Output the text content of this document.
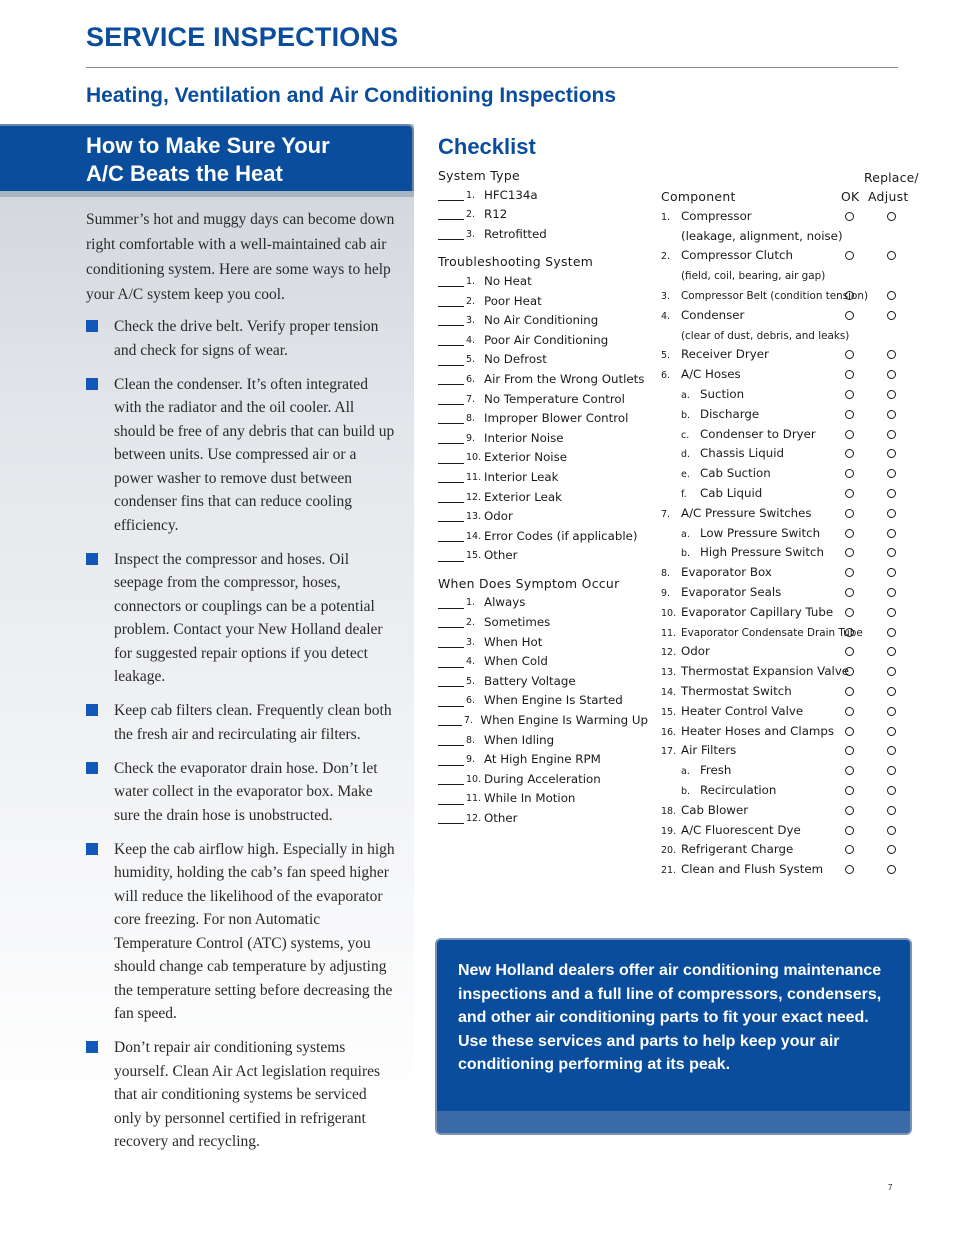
SERVICE INSPECTIONS
Heating, Ventilation and Air Conditioning Inspections
How to Make Sure Your
A/C Beats the Heat
Summer’s hot and muggy days can become down right comfortable with a well-maintained cab air conditioning system. Here are some ways to help your A/C system keep you cool.
Check the drive belt. Verify proper tension and check for signs of wear.
Clean the condenser. It’s often integrated with the radiator and the oil cooler. All should be free of any debris that can build up between units. Use compressed air or a power washer to remove dust between condenser fins that can reduce cooling efficiency.
Inspect the compressor and hoses. Oil seepage from the compressor, hoses, connectors or couplings can be a potential problem. Contact your New Holland dealer for suggested repair options if you detect leakage.
Keep cab filters clean. Frequently clean both the fresh air and recirculating air filters.
Check the evaporator drain hose. Don’t let water collect in the evaporator box. Make sure the drain hose is unobstructed.
Keep the cab airflow high. Especially in high humidity, holding the cab’s fan speed higher will reduce the likelihood of the evaporator core freezing. For non Automatic Temperature Control (ATC) systems, you should change cab temperature by adjusting the temperature setting before decreasing the fan speed.
Don’t repair air conditioning systems yourself. Clean Air Act legislation requires that air conditioning systems be serviced only by personnel certified in refrigerant recovery and recycling.
Checklist
System Type
1. HFC134a
2. R12
3. Retrofitted
Troubleshooting System
1. No Heat
2. Poor Heat
3. No Air Conditioning
4. Poor Air Conditioning
5. No Defrost
6. Air From the Wrong Outlets
7. No Temperature Control
8. Improper Blower Control
9. Interior Noise
10. Exterior Noise
11. Interior Leak
12. Exterior Leak
13. Odor
14. Error Codes (if applicable)
15. Other
When Does Symptom Occur
1. Always
2. Sometimes
3. When Hot
4. When Cold
5. Battery Voltage
6. When Engine Is Started
7. When Engine Is Warming Up
8. When Idling
9. At High Engine RPM
10. During Acceleration
11. While In Motion
12. Other
Replace/
Component	OK Adjust
1. Compressor
(leakage, alignment, noise)
2. Compressor Clutch
(field, coil, bearing, air gap)
3. Compressor Belt (condition tension)
4. Condenser
(clear of dust, debris, and leaks)
5. Receiver Dryer
6. A/C Hoses
a. Suction
b. Discharge
c. Condenser to Dryer
d. Chassis Liquid
e. Cab Suction
f. Cab Liquid
7. A/C Pressure Switches
a. Low Pressure Switch
b. High Pressure Switch
8. Evaporator Box
9. Evaporator Seals
10. Evaporator Capillary Tube
11. Evaporator Condensate Drain Tube
12. Odor
13. Thermostat Expansion Valve
14. Thermostat Switch
15. Heater Control Valve
16. Heater Hoses and Clamps
17. Air Filters
a. Fresh
b. Recirculation
18. Cab Blower
19. A/C Fluorescent Dye
20. Refrigerant Charge
21. Clean and Flush System
New Holland dealers offer air conditioning maintenance inspections and a full line of compressors, condensers, and other air conditioning parts to fit your exact need. Use these services and parts to help keep your air conditioning performing at its peak.
7
